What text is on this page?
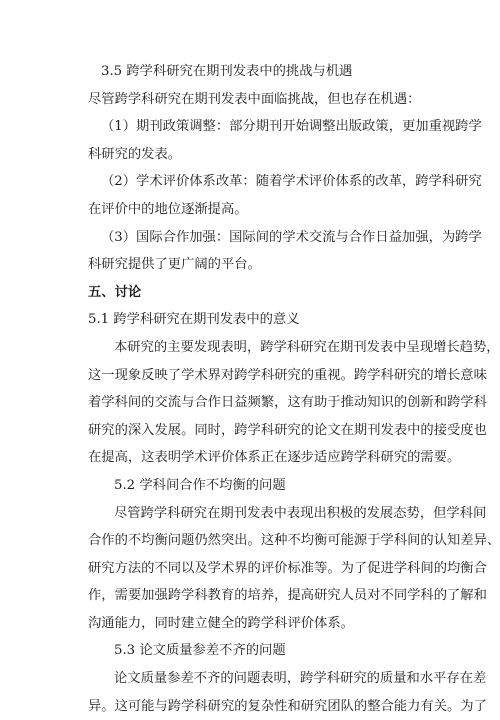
3.5 跨学科研究在期刊发表中的挑战与机遇

尽管跨学科研究在期刊发表中面临挑战，但也存在机遇：

（1）期刊政策调整：部分期刊开始调整出版政策，更加重视跨学

科研究的发表。

（2）学术评价体系改革：随着学术评价体系的改革，跨学科研究

在评价中的地位逐渐提高。

（3）国际合作加强：国际间的学术交流与合作日益加强，为跨学

科研究提供了更广阔的平台。

五、讨论

5.1 跨学科研究在期刊发表中的意义

本研究的主要发现表明，跨学科研究在期刊发表中呈现增长趋势，

这一现象反映了学术界对跨学科研究的重视。跨学科研究的增长意味

着学科间的交流与合作日益频繁，这有助于推动知识的创新和跨学科

研究的深入发展。同时，跨学科研究的论文在期刊发表中的接受度也

在提高，这表明学术评价体系正在逐步适应跨学科研究的需要。

5.2 学科间合作不均衡的问题

尽管跨学科研究在期刊发表中表现出积极的发展态势，但学科间

合作的不均衡问题仍然突出。这种不均衡可能源于学科间的认知差异、

研究方法的不同以及学术界的评价标准等。为了促进学科间的均衡合

作，需要加强跨学科教育的培养，提高研究人员对不同学科的了解和

沟通能力，同时建立健全的跨学科评价体系。

5.3 论文质量参差不齐的问题

论文质量参差不齐的问题表明，跨学科研究的质量和水平存在差

异。这可能与跨学科研究的复杂性和研究团队的整合能力有关。为了
